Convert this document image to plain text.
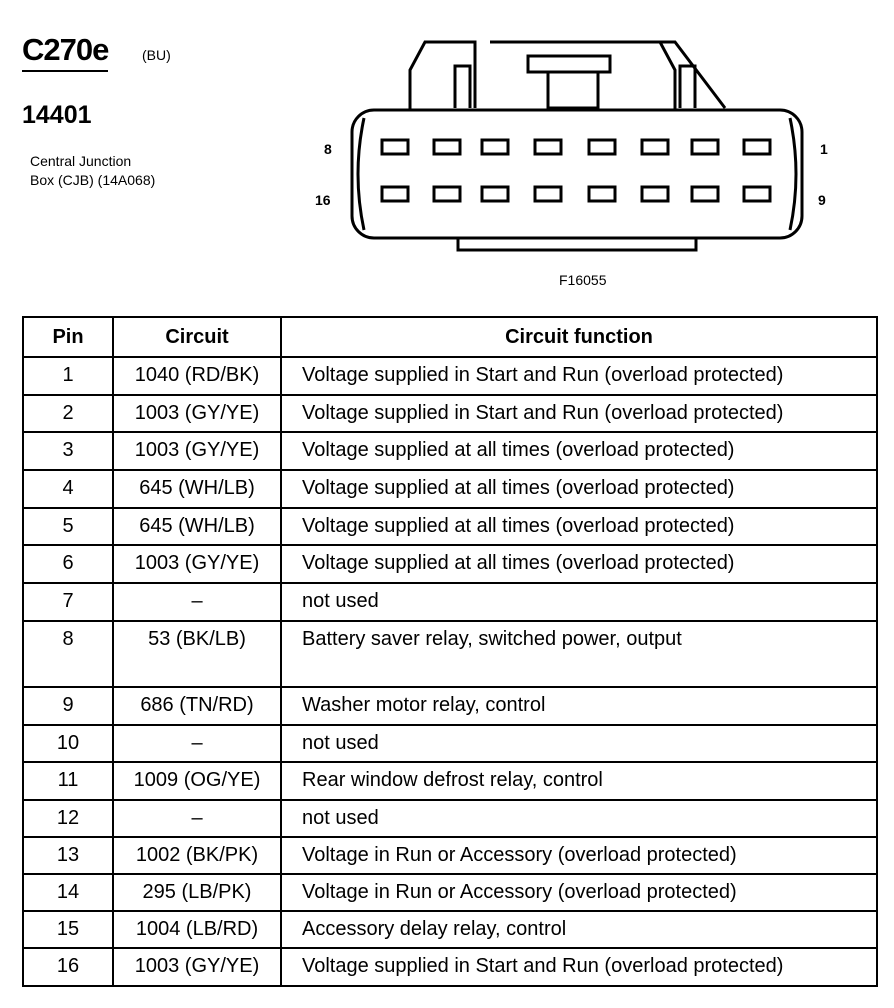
C270e (BU)
14401
Central Junction
Box (CJB) (14A068)
8	1
16	9
F16055
Pin	Circuit	Circuit function
1	1040 (RD/BK)	Voltage supplied in Start and Run (overload protected)
2	1003 (GY/YE)	Voltage supplied in Start and Run (overload protected)
3	1003 (GY/YE)	Voltage supplied at all times (overload protected)
4	645 (WH/LB)	Voltage supplied at all times (overload protected)
5	645 (WH/LB)	Voltage supplied at all times (overload protected)
6	1003 (GY/YE)	Voltage supplied at all times (overload protected)
7	–	not used
8	53 (BK/LB)	Battery saver relay, switched power, output
9	686 (TN/RD)	Washer motor relay, control
10	–	not used
11	1009 (OG/YE)	Rear window defrost relay, control
12	–	not used
13	1002 (BK/PK)	Voltage in Run or Accessory (overload protected)
14	295 (LB/PK)	Voltage in Run or Accessory (overload protected)
15	1004 (LB/RD)	Accessory delay relay, control
16	1003 (GY/YE)	Voltage supplied in Start and Run (overload protected)
